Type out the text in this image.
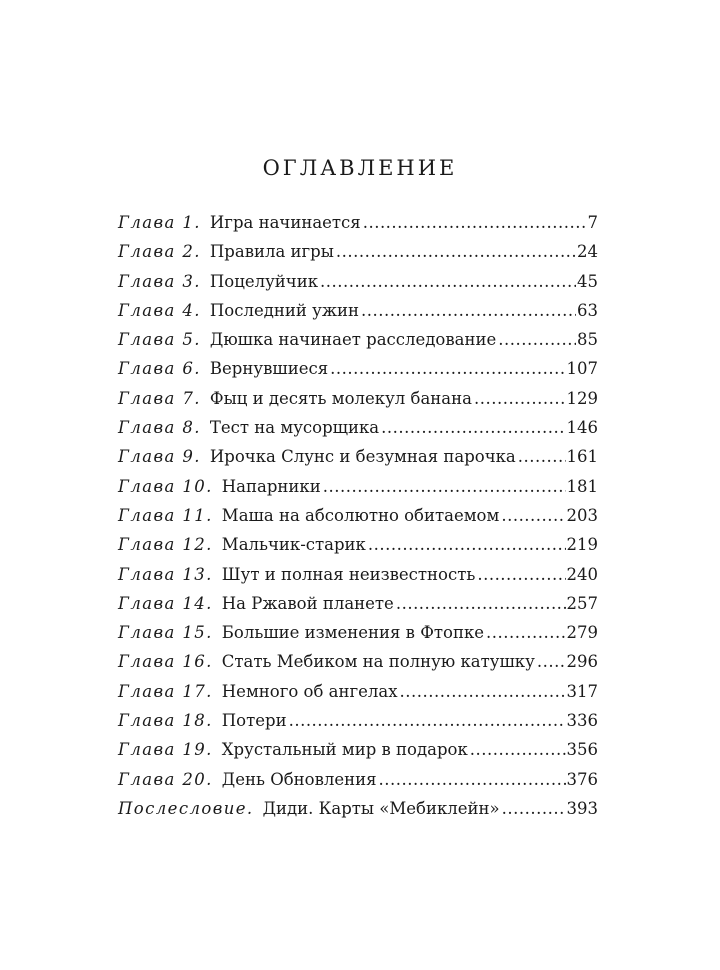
ОГЛАВЛЕНИЕ
Глава 1. Игра начинается .....	7
Глава 2. Правила игры .....	24
Глава 3. Поцелуйчик .....	45
Глава 4. Последний ужин .....	63
Глава 5. Дюшка начинает расследование .....	85
Глава 6. Вернувшиеся .....	107
Глава 7. Фыц и десять молекул банана .....	129
Глава 8. Тест на мусорщика .....	146
Глава 9. Ирочка Слунс и безумная парочка .....	161
Глава 10. Напарники .....	181
Глава 11. Маша на абсолютно обитаемом .....	203
Глава 12. Мальчик-старик .....	219
Глава 13. Шут и полная неизвестность .....	240
Глава 14. На Ржавой планете .....	257
Глава 15. Большие изменения в Фтопке .....	279
Глава 16. Стать Мебиком на полную катушку ..... 296
Глава 17. Немного об ангелах .....	317
Глава 18. Потери .....	336
Глава 19. Хрустальный мир в подарок .....	356
Глава 20. День Обновления .....	376
Послесловие. Диди. Карты «Мебиклейн» .....	393
